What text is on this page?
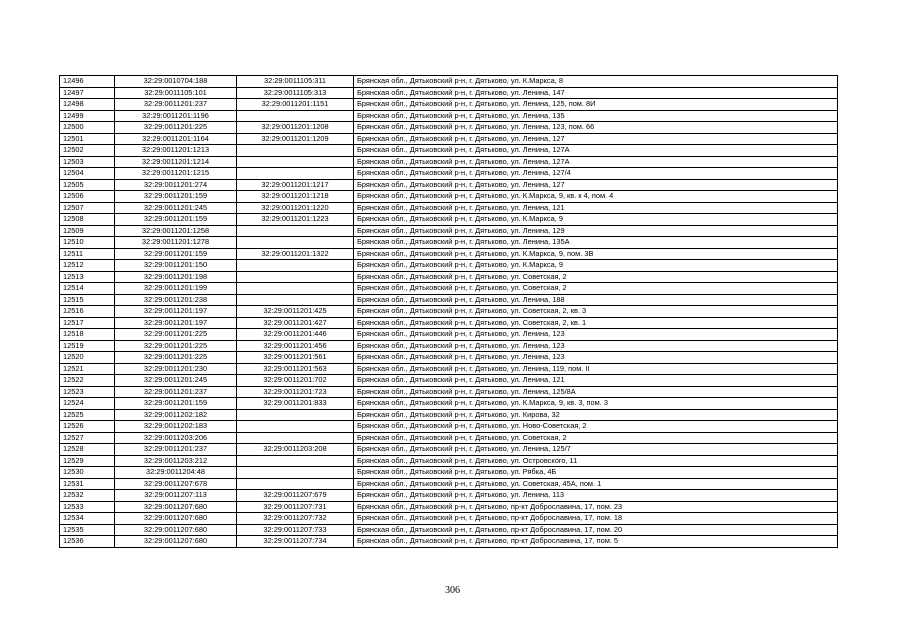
12496	32:29:0010704:188	32:29:0011105:311	Брянская обл., Дятьковский р-н, г. Дятьково, ул. К.Маркса, 8
12497	32:29:0011105:101	32:29:0011105:313	Брянская обл., Дятьковский р-н, г. Дятьково, ул. Ленина, 147
12498	32:29:0011201:237	32:29:0011201:1151	Брянская обл., Дятьковский р-н, г. Дятьково, ул. Ленина, 125, пом. 8И
12499	32:29:0011201:1196		Брянская обл., Дятьковский р-н, г. Дятьково, ул. Ленина, 135
12500	32:29:0011201:225	32:29:0011201:1208	Брянская обл., Дятьковский р-н, г. Дятьково, ул. Ленина, 123, пом. 66
12501	32:29:0011201:1164	32:29:0011201:1209	Брянская обл., Дятьковский р-н, г. Дятьково, ул. Ленина, 127
12502	32:29:0011201:1213		Брянская обл., Дятьковский р-н, г. Дятьково, ул. Ленина, 127А
12503	32:29:0011201:1214		Брянская обл., Дятьковский р-н, г. Дятьково, ул. Ленина, 127А
12504	32:29:0011201:1215		Брянская обл., Дятьковский р-н, г. Дятьково, ул. Ленина, 127/4
12505	32:29:0011201:274	32:29:0011201:1217	Брянская обл., Дятьковский р-н, г. Дятьково, ул. Ленина, 127
12506	32:29:0011201:159	32:29:0011201:1218	Брянская обл., Дятьковский р-н, г. Дятьково, ул. К.Маркса, 9, кв. к 4, пом. 4
12507	32:29:0011201:245	32:29:0011201:1220	Брянская обл., Дятьковский р-н, г. Дятьково, ул. Ленина, 121
12508	32:29:0011201:159	32:29:0011201:1223	Брянская обл., Дятьковский р-н, г. Дятьково, ул. К.Маркса, 9
12509	32:29:0011201:1258		Брянская обл., Дятьковский р-н, г. Дятьково, ул. Ленина, 129
12510	32:29:0011201:1278		Брянская обл., Дятьковский р-н, г. Дятьково, ул. Ленина, 135А
12511	32:29:0011201:159	32:29:0011201:1322	Брянская обл., Дятьковский р-н, г. Дятьково, ул. К.Маркса, 9, пом. 3В
12512	32:29:0011201:150		Брянская обл., Дятьковский р-н, г. Дятьково, ул. К.Маркса, 9
12513	32:29:0011201:198		Брянская обл., Дятьковский р-н, г. Дятьково, ул. Советская, 2
12514	32:29:0011201:199		Брянская обл., Дятьковский р-н, г. Дятьково, ул. Советская, 2
12515	32:29:0011201:238		Брянская обл., Дятьковский р-н, г. Дятьково, ул. Ленина, 188
12516	32:29:0011201:197	32:29:0011201:425	Брянская обл., Дятьковский р-н, г. Дятьково, ул. Советская, 2, кв. 3
12517	32:29:0011201:197	32:29:0011201:427	Брянская обл., Дятьковский р-н, г. Дятьково, ул. Советская, 2, кв. 1
12518	32:29:0011201:225	32:29:0011201:446	Брянская обл., Дятьковский р-н, г. Дятьково, ул. Ленина, 123
12519	32:29:0011201:225	32:29:0011201:456	Брянская обл., Дятьковский р-н, г. Дятьково, ул. Ленина, 123
12520	32:29:0011201:225	32:29:0011201:561	Брянская обл., Дятьковский р-н, г. Дятьково, ул. Ленина, 123
12521	32:29:0011201:230	32:29:0011201:563	Брянская обл., Дятьковский р-н, г. Дятьково, ул. Ленина, 119, пом. II
12522	32:29:0011201:245	32:29:0011201:702	Брянская обл., Дятьковский р-н, г. Дятьково, ул. Ленина, 121
12523	32:29:0011201:237	32:29:0011201:723	Брянская обл., Дятьковский р-н, г. Дятьково, ул. Ленина, 125/8А
12524	32:29:0011201:159	32:29:0011201:833	Брянская обл., Дятьковский р-н, г. Дятьково, ул. К.Маркса, 9, кв. 3, пом. 3
12525	32:29:0011202:182		Брянская обл., Дятьковский р-н, г. Дятьково, ул. Кирова, 32
12526	32:29:0011202:183		Брянская обл., Дятьковский р-н, г. Дятьково, ул. Ново-Советская, 2
12527	32:29:0011203:206		Брянская обл., Дятьковский р-н, г. Дятьково, ул. Советская, 2
12528	32:29:0011201:237	32:29:0011203:208	Брянская обл., Дятьковский р-н, г. Дятьково, ул. Ленина, 125/7
12529	32:29:0011203:212		Брянская обл., Дятьковский р-н, г. Дятьково, ул. Островского, 11
12530	32:29:0011204:48		Брянская обл., Дятьковский р-н, г. Дятьково, ул. Рябка, 4Б
12531	32:29:0011207:678		Брянская обл., Дятьковский р-н, г. Дятьково, ул. Советская, 45А, пом. 1
12532	32:29:0011207:113	32:29:0011207:679	Брянская обл., Дятьковский р-н, г. Дятьково, ул. Ленина, 113
12533	32:29:0011207:680	32:29:0011207:731	Брянская обл., Дятьковский р-н, г. Дятьково, пр-кт Доброславина, 17, пом. 23
12534	32:29:0011207:680	32:29:0011207:732	Брянская обл., Дятьковский р-н, г. Дятьково, пр-кт Доброславина, 17, пом. 18
12535	32:29:0011207:680	32:29:0011207:733	Брянская обл., Дятьковский р-н, г. Дятьково, пр-кт Доброславина, 17, пом. 20
12536	32:29:0011207:680	32:29:0011207:734	Брянская обл., Дятьковский р-н, г. Дятьково, пр-кт Доброславина, 17, пом. 5
306
